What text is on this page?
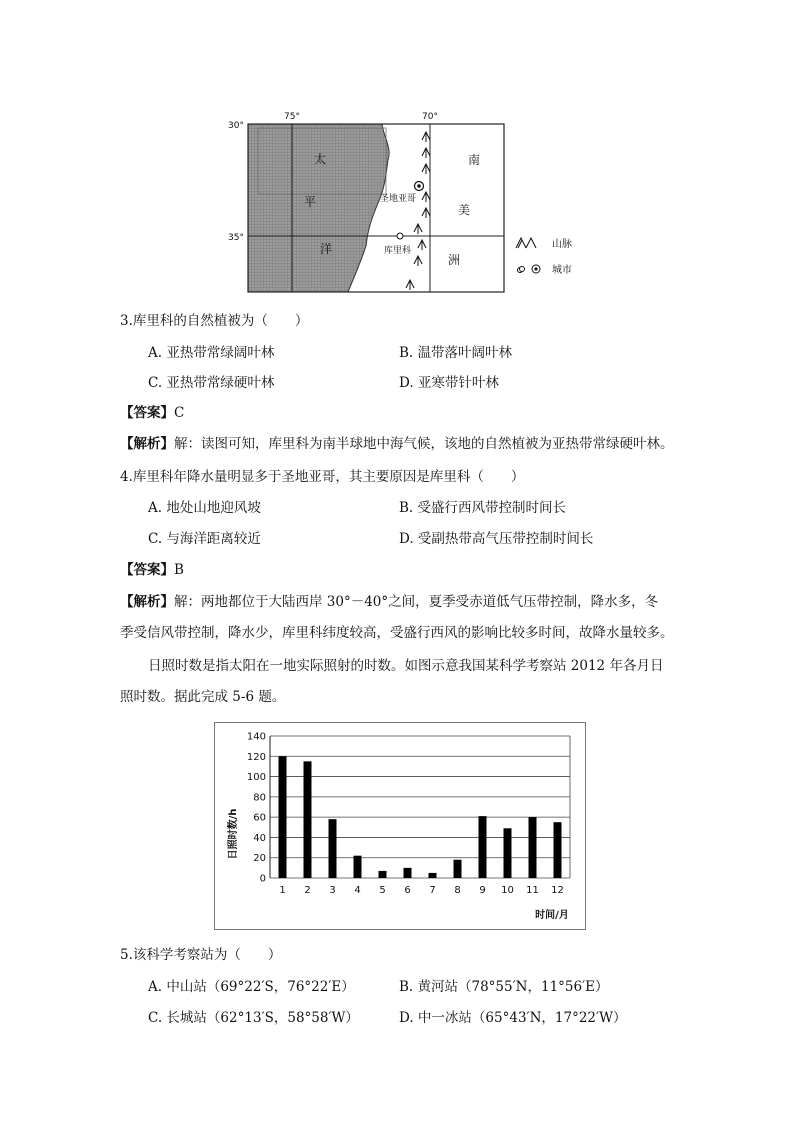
30°
35°
75°	70°
太
平
洋
南
美
洲
圣地亚哥
库里科
山脉
城市
3.库里科的自然植被为（　　）
A. 亚热带常绿阔叶林	B. 温带落叶阔叶林
C. 亚热带常绿硬叶林	D. 亚寒带针叶林
【答案】C
【解析】解：读图可知，库里科为南半球地中海气候，该地的自然植被为亚热带常绿硬叶林。
4.库里科年降水量明显多于圣地亚哥，其主要原因是库里科（　　）
A. 地处山地迎风坡	B. 受盛行西风带控制时间长
C. 与海洋距离较近	D. 受副热带高气压带控制时间长
【答案】B
【解析】解：两地都位于大陆西岸 30°－40°之间，夏季受赤道低气压带控制，降水多，冬
季受信风带控制，降水少，库里科纬度较高，受盛行西风的影响比较多时间，故降水量较多。
日照时数是指太阳在一地实际照射的时数。如图示意我国某科学考察站 2012 年各月日
照时数。据此完成 5-6 题。
0
20
40
60
80
100
120
140
1 2 3 4 5 6 7 8 9 10 11 12
日照时数/h
时间/月
5.该科学考察站为（　　）
A. 中山站（69°22′S，76°22′E）	B. 黄河站（78°55′N，11°56′E）
C. 长城站（62°13′S，58°58′W）	D. 中一冰站（65°43′N，17°22′W）
